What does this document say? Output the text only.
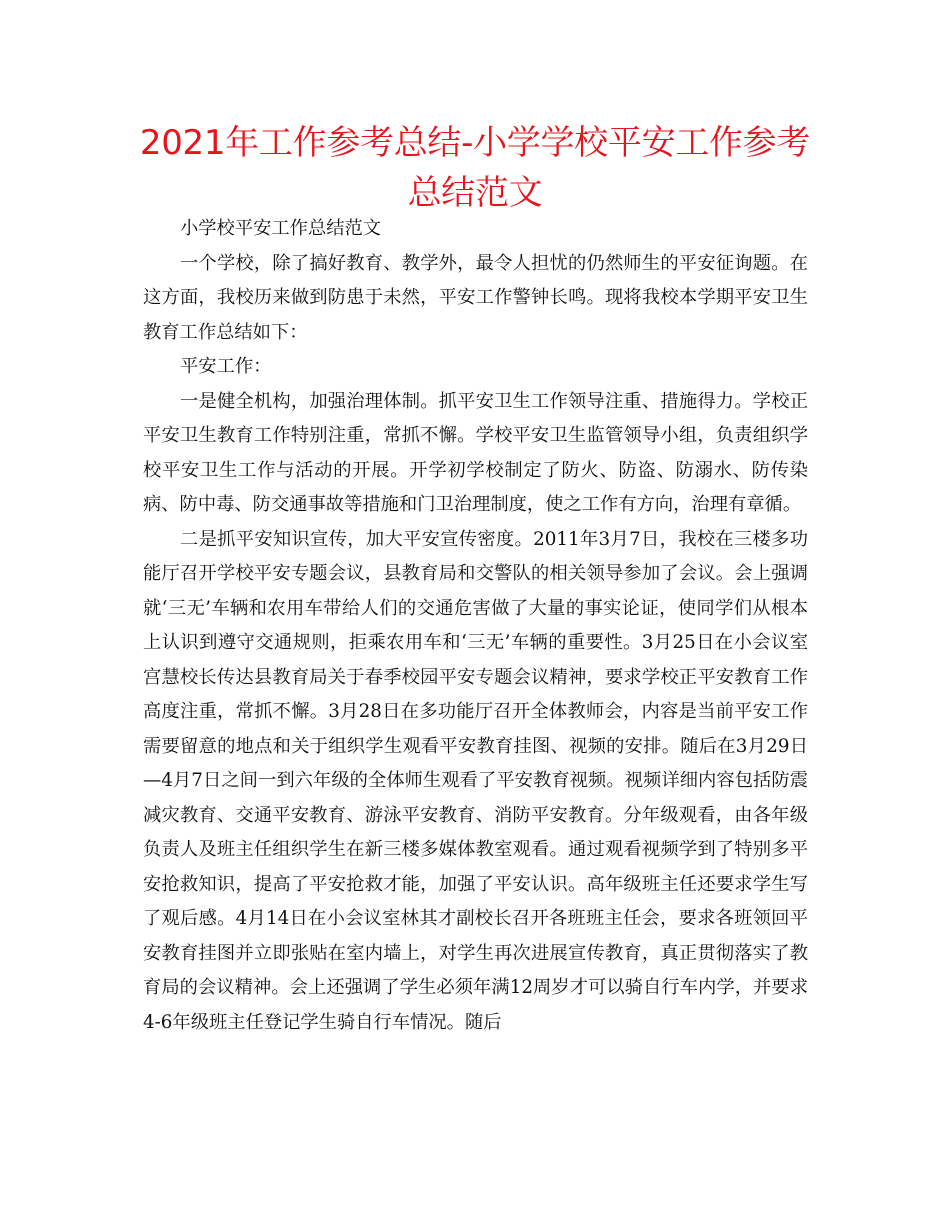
2021年工作参考总结-小学学校平安工作参考总结范文

小学校平安工作总结范文

一个学校，除了搞好教育、教学外，最令人担忧的仍然师生的平安征询题。在这方面，我校历来做到防患于未然，平安工作警钟长鸣。现将我校本学期平安卫生教育工作总结如下：

平安工作：

一是健全机构，加强治理体制。抓平安卫生工作领导注重、措施得力。学校正平安卫生教育工作特别注重，常抓不懈。学校平安卫生监管领导小组，负责组织学校平安卫生工作与活动的开展。开学初学校制定了防火、防盗、防溺水、防传染病、防中毒、防交通事故等措施和门卫治理制度，使之工作有方向，治理有章循。

二是抓平安知识宣传，加大平安宣传密度。2011年3月7日，我校在三楼多功能厅召开学校平安专题会议，县教育局和交警队的相关领导参加了会议。会上强调就‘三无’车辆和农用车带给人们的交通危害做了大量的事实论证，使同学们从根本上认识到遵守交通规则，拒乘农用车和‘三无’车辆的重要性。3月25日在小会议室宫慧校长传达县教育局关于春季校园平安专题会议精神，要求学校正平安教育工作高度注重，常抓不懈。3月28日在多功能厅召开全体教师会，内容是当前平安工作需要留意的地点和关于组织学生观看平安教育挂图、视频的安排。随后在3月29日—4月7日之间一到六年级的全体师生观看了平安教育视频。视频详细内容包括防震减灾教育、交通平安教育、游泳平安教育、消防平安教育。分年级观看，由各年级负责人及班主任组织学生在新三楼多媒体教室观看。通过观看视频学到了特别多平安抢救知识，提高了平安抢救才能，加强了平安认识。高年级班主任还要求学生写了观后感。4月14日在小会议室林其才副校长召开各班班主任会，要求各班领回平安教育挂图并立即张贴在室内墙上，对学生再次进展宣传教育，真正贯彻落实了教育局的会议精神。会上还强调了学生必须年满12周岁才可以骑自行车内学，并要求4-6年级班主任登记学生骑自行车情况。随后
